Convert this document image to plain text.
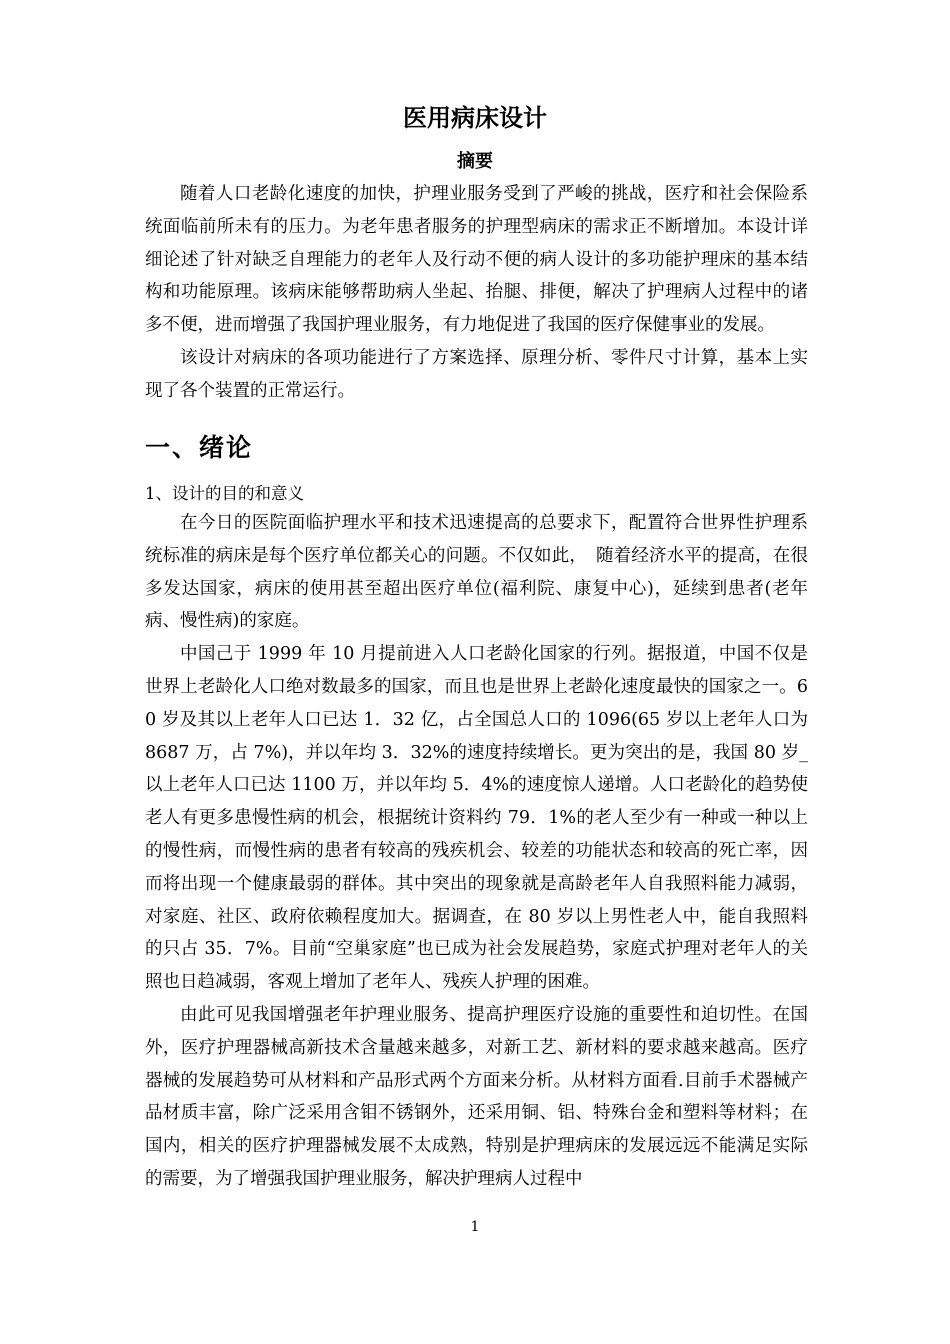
医用病床设计
摘要

随着人口老龄化速度的加快，护理业服务受到了严峻的挑战，医疗和社会保险系统面临前所未有的压力。为老年患者服务的护理型病床的需求正不断增加。本设计详细论述了针对缺乏自理能力的老年人及行动不便的病人设计的多功能护理床的基本结构和功能原理。该病床能够帮助病人坐起、抬腿、排便，解决了护理病人过程中的诸多不便，进而增强了我国护理业服务，有力地促进了我国的医疗保健事业的发展。

该设计对病床的各项功能进行了方案选择、原理分析、零件尺寸计算，基本上实现了各个装置的正常运行。

一、绪论
1、设计的目的和意义

在今日的医院面临护理水平和技术迅速提高的总要求下，配置符合世界性护理系统标准的病床是每个医疗单位都关心的问题。不仅如此，　随着经济水平的提高，在很多发达国家，病床的使用甚至超出医疗单位(福利院、康复中心)，延续到患者(老年病、慢性病)的家庭。

中国己于 1999 年 10 月提前进入人口老龄化国家的行列。据报道，中国不仅是世界上老龄化人口绝对数最多的国家，而且也是世界上老龄化速度最快的国家之一。60 岁及其以上老年人口已达 1．32 亿，占全国总人口的 1096(65 岁以上老年人口为 8687 万，占 7%)，并以年均 3．32%的速度持续增长。更为突出的是，我国 80 岁_以上老年人口已达 1100 万，并以年均 5．4%的速度惊人递增。人口老龄化的趋势使老人有更多患慢性病的机会，根据统计资料约 79．1%的老人至少有一种或一种以上的慢性病，而慢性病的患者有较高的残疾机会、较差的功能状态和较高的死亡率，因而将出现一个健康最弱的群体。其中突出的现象就是高龄老年人自我照料能力减弱，对家庭、社区、政府依赖程度加大。据调查，在 80 岁以上男性老人中，能自我照料的只占 35．7%。目前“空巢家庭”也已成为社会发展趋势，家庭式护理对老年人的关照也日趋减弱，客观上增加了老年人、残疾人护理的困难。

由此可见我国增强老年护理业服务、提高护理医疗设施的重要性和迫切性。在国外，医疗护理器械高新技术含量越来越多，对新工艺、新材料的要求越来越高。医疗器械的发展趋势可从材料和产品形式两个方面来分析。从材料方面看.目前手术器械产品材质丰富，除广泛采用含钼不锈钢外，还采用铜、铝、特殊台金和塑料等材料；在国内，相关的医疗护理器械发展不太成熟，特别是护理病床的发展远远不能满足实际的需要，为了增强我国护理业服务，解决护理病人过程中

1
